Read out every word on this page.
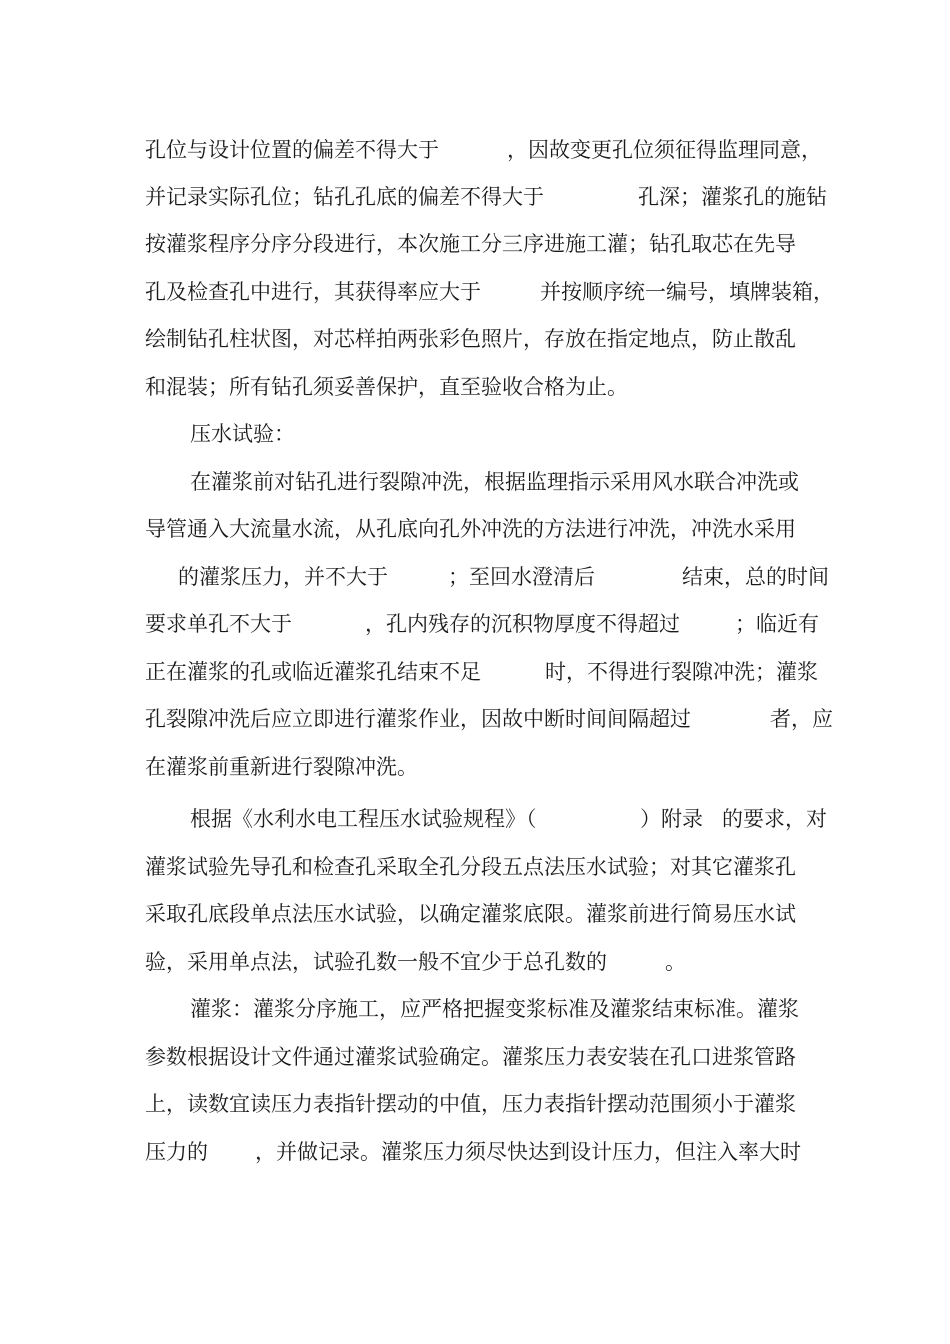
孔位与设计位置的偏差不得大于

	，因故变更孔位须征得监理同意，

并记录实际孔位；钻孔孔底的偏差不得大于

	孔深；灌浆孔的施钻

按灌浆程序分序分段进行，本次施工分三序进施工灌；钻孔取芯在先导

孔及检查孔中进行，其获得率应大于

	并按顺序统一编号，填牌装箱，

绘制钻孔柱状图，对芯样拍两张彩色照片，存放在指定地点，防止散乱

和混装；所有钻孔须妥善保护，直至验收合格为止。

压水试验：

在灌浆前对钻孔进行裂隙冲洗，根据监理指示采用风水联合冲洗或

导管通入大流量水流，从孔底向孔外冲洗的方法进行冲洗，冲洗水采用

的灌浆压力，并不大于

	；至回水澄清后

	结束，总的时间

要求单孔不大于

	，孔内残存的沉积物厚度不得超过

	；临近有

正在灌浆的孔或临近灌浆孔结束不足

	时，不得进行裂隙冲洗；灌浆

孔裂隙冲洗后应立即进行灌浆作业，因故中断时间间隔超过

	者，应

在灌浆前重新进行裂隙冲洗。

根据《水利水电工程压水试验规程》（

	）附录

的要求，对

灌浆试验先导孔和检查孔采取全孔分段五点法压水试验；对其它灌浆孔

采取孔底段单点法压水试验，以确定灌浆底限。灌浆前进行简易压水试

验，采用单点法，试验孔数一般不宜少于总孔数的

	。

灌浆：灌浆分序施工，应严格把握变浆标准及灌浆结束标准。灌浆

参数根据设计文件通过灌浆试验确定。灌浆压力表安装在孔口进浆管路

上，读数宜读压力表指针摆动的中值，压力表指针摆动范围须小于灌浆

压力的

，并做记录。灌浆压力须尽快达到设计压力，但注入率大时
